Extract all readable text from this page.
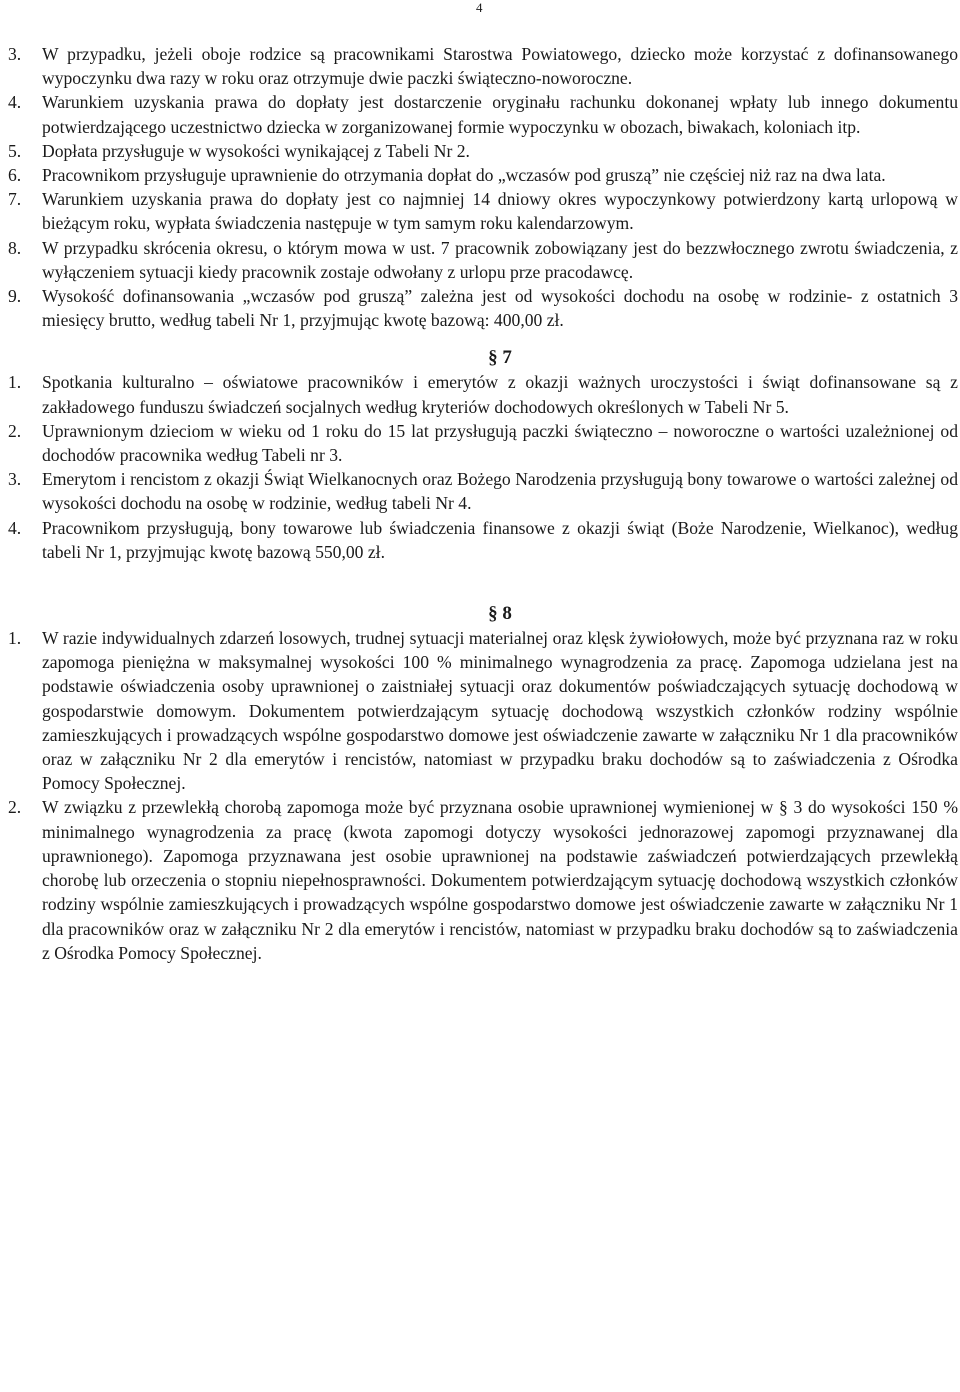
4
3. W przypadku, jeżeli oboje rodzice są pracownikami Starostwa Powiatowego, dziecko może korzystać z dofinansowanego wypoczynku dwa razy w roku oraz otrzymuje dwie paczki świąteczno-noworoczne.
4. Warunkiem uzyskania prawa do dopłaty jest dostarczenie oryginału rachunku dokonanej wpłaty lub innego dokumentu potwierdzającego uczestnictwo dziecka w zorganizowanej formie wypoczynku w obozach, biwakach, koloniach itp.
5. Dopłata przysługuje w wysokości wynikającej z Tabeli Nr 2.
6. Pracownikom przysługuje uprawnienie do otrzymania dopłat do „wczasów pod gruszą” nie częściej niż raz na dwa lata.
7. Warunkiem uzyskania prawa do dopłaty jest co najmniej 14 dniowy okres wypoczynkowy potwierdzony kartą urlopową w bieżącym roku, wypłata świadczenia następuje w tym samym roku kalendarzowym.
8. W przypadku skrócenia okresu, o którym mowa w ust. 7 pracownik zobowiązany jest do bezzwłocznego zwrotu świadczenia, z wyłączeniem sytuacji kiedy pracownik zostaje odwołany z urlopu prze pracodawcę.
9. Wysokość dofinansowania „wczasów pod gruszą” zależna jest od wysokości dochodu na osobę w rodzinie- z ostatnich 3 miesięcy brutto, według tabeli Nr 1, przyjmując kwotę bazową: 400,00 zł.
§ 7
1. Spotkania kulturalno – oświatowe pracowników i emerytów z okazji ważnych uroczystości i świąt dofinansowane są z zakładowego funduszu świadczeń socjalnych według kryteriów dochodowych określonych w Tabeli Nr 5.
2. Uprawnionym dzieciom w wieku od 1 roku do 15 lat przysługują paczki świąteczno – noworoczne o wartości uzależnionej od dochodów pracownika według Tabeli nr 3.
3. Emerytom i rencistom z okazji Świąt Wielkanocnych oraz Bożego Narodzenia przysługują bony towarowe o wartości zależnej od wysokości dochodu na osobę w rodzinie, według tabeli Nr 4.
4. Pracownikom przysługują, bony towarowe lub świadczenia finansowe z okazji świąt (Boże Narodzenie, Wielkanoc), według tabeli Nr 1, przyjmując kwotę bazową 550,00 zł.
§ 8
1. W razie indywidualnych zdarzeń losowych, trudnej sytuacji materialnej oraz klęsk żywiołowych, może być przyznana raz w roku zapomoga pieniężna w maksymalnej wysokości 100 % minimalnego wynagrodzenia za pracę. Zapomoga udzielana jest na podstawie oświadczenia osoby uprawnionej o zaistniałej sytuacji oraz dokumentów poświadczających sytuację dochodową w gospodarstwie domowym. Dokumentem potwierdzającym sytuację dochodową wszystkich członków rodziny wspólnie zamieszkujących i prowadzących wspólne gospodarstwo domowe jest oświadczenie zawarte w załączniku Nr 1 dla pracowników oraz w załączniku Nr 2 dla emerytów i rencistów, natomiast w przypadku braku dochodów są to zaświadczenia z Ośrodka Pomocy Społecznej.
2. W związku z przewlekłą chorobą zapomoga może być przyznana osobie uprawnionej wymienionej w § 3 do wysokości 150 % minimalnego wynagrodzenia za pracę (kwota zapomogi dotyczy wysokości jednorazowej zapomogi przyznawanej dla uprawnionego). Zapomoga przyznawana jest osobie uprawnionej na podstawie zaświadczeń potwierdzających przewlekłą chorobę lub orzeczenia o stopniu niepełnosprawności. Dokumentem potwierdzającym sytuację dochodową wszystkich członków rodziny wspólnie zamieszkujących i prowadzących wspólne gospodarstwo domowe jest oświadczenie zawarte w załączniku Nr 1 dla pracowników oraz w załączniku Nr 2 dla emerytów i rencistów, natomiast w przypadku braku dochodów są to zaświadczenia z Ośrodka Pomocy Społecznej.
